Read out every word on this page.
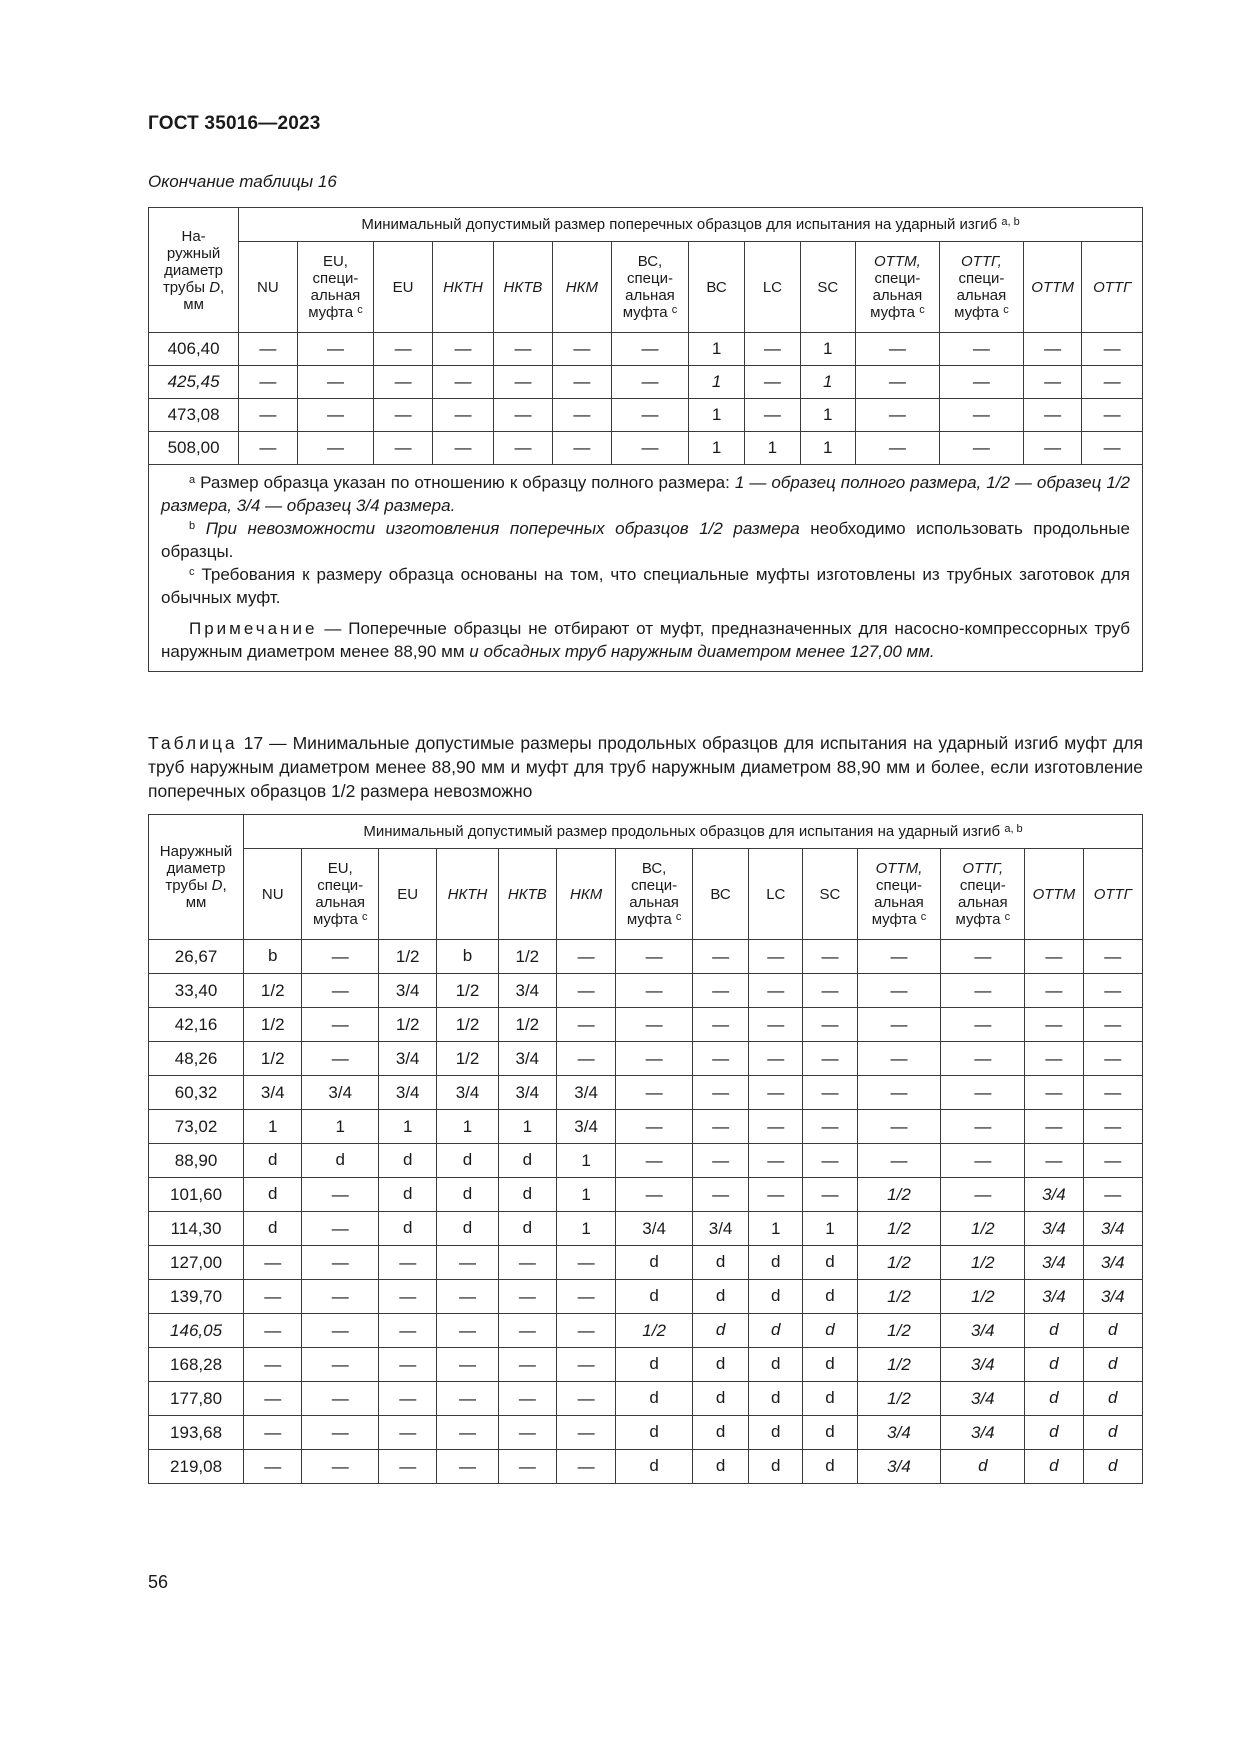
ГОСТ 35016—2023
Окончание таблицы 16
На-
ружный
диаметр
трубы D,
мм	Минимальный допустимый размер поперечных образцов для испытания на ударный изгиб $^{a, b}$
	NU	EU,
специ-
альная
муфта $^c$	EU	НКТН	НКТВ	НКМ	ВС,
специ-
альная
муфта $^c$	ВС	LC	SC	ОТТМ,
специ-
альная
муфта $^c$	ОТТГ,
специ-
альная
муфта $^c$	ОТТМ	ОТТГ
406,40	—	—	—	—	—	—	—	1	—	1	—	—	—	—
425,45	—	—	—	—	—	—	—	1	—	1	—	—	—	—
473,08	—	—	—	—	—	—	—	1	—	1	—	—	—	—
508,00	—	—	—	—	—	—	—	1	1	1	—	—	—	—

$^a$ Размер образца указан по отношению к образцу полного размера: 1 — образец полного размера, 1/2 — образец 1/2 размера, 3/4 — образец 3/4 размера.

$^b$ При невозможности изготовления поперечных образцов 1/2 размера необходимо использовать продольные образцы.

$^c$ Требования к размеру образца основаны на том, что специальные муфты изготовлены из трубных заготовок для обычных муфт.

Примечание — Поперечные образцы не отбирают от муфт, предназначенных для насосно-компрессорных труб наружным диаметром менее 88,90 мм и обсадных труб наружным диаметром менее 127,00 мм.														

Таблица 17 — Минимальные допустимые размеры продольных образцов для испытания на ударный изгиб муфт для труб наружным диаметром менее 88,90 мм и муфт для труб наружным диаметром 88,90 мм и более, если изготовление поперечных образцов 1/2 размера невозможно
Наружный
диаметр
трубы D,
мм	Минимальный допустимый размер продольных образцов для испытания на ударный изгиб $^{a, b}$
	NU	EU,
специ-
альная
муфта $^c$	EU	НКТН	НКТВ	НКМ	ВС,
специ-
альная
муфта $^c$	ВС	LC	SC	ОТТМ,
специ-
альная
муфта $^c$	ОТТГ,
специ-
альная
муфта $^c$	ОТТМ	ОТТГ
26,67	b	—	1/2	b	1/2	—	—	—	—	—	—	—	—	—
33,40	1/2	—	3/4	1/2	3/4	—	—	—	—	—	—	—	—	—
42,16	1/2	—	1/2	1/2	1/2	—	—	—	—	—	—	—	—	—
48,26	1/2	—	3/4	1/2	3/4	—	—	—	—	—	—	—	—	—
60,32	3/4	3/4	3/4	3/4	3/4	3/4	—	—	—	—	—	—	—	—
73,02	1	1	1	1	1	3/4	—	—	—	—	—	—	—	—
88,90	d	d	d	d	d	1	—	—	—	—	—	—	—	—
101,60	d	—	d	d	d	1	—	—	—	—	1/2	—	3/4	—
114,30	d	—	d	d	d	1	3/4	3/4	1	1	1/2	1/2	3/4	3/4
127,00	—	—	—	—	—	—	d	d	d	d	1/2	1/2	3/4	3/4
139,70	—	—	—	—	—	—	d	d	d	d	1/2	1/2	3/4	3/4
146,05	—	—	—	—	—	—	1/2	d	d	d	1/2	3/4	d	d
168,28	—	—	—	—	—	—	d	d	d	d	1/2	3/4	d	d
177,80	—	—	—	—	—	—	d	d	d	d	1/2	3/4	d	d
193,68	—	—	—	—	—	—	d	d	d	d	3/4	3/4	d	d
219,08	—	—	—	—	—	—	d	d	d	d	3/4	d	d	d
56
